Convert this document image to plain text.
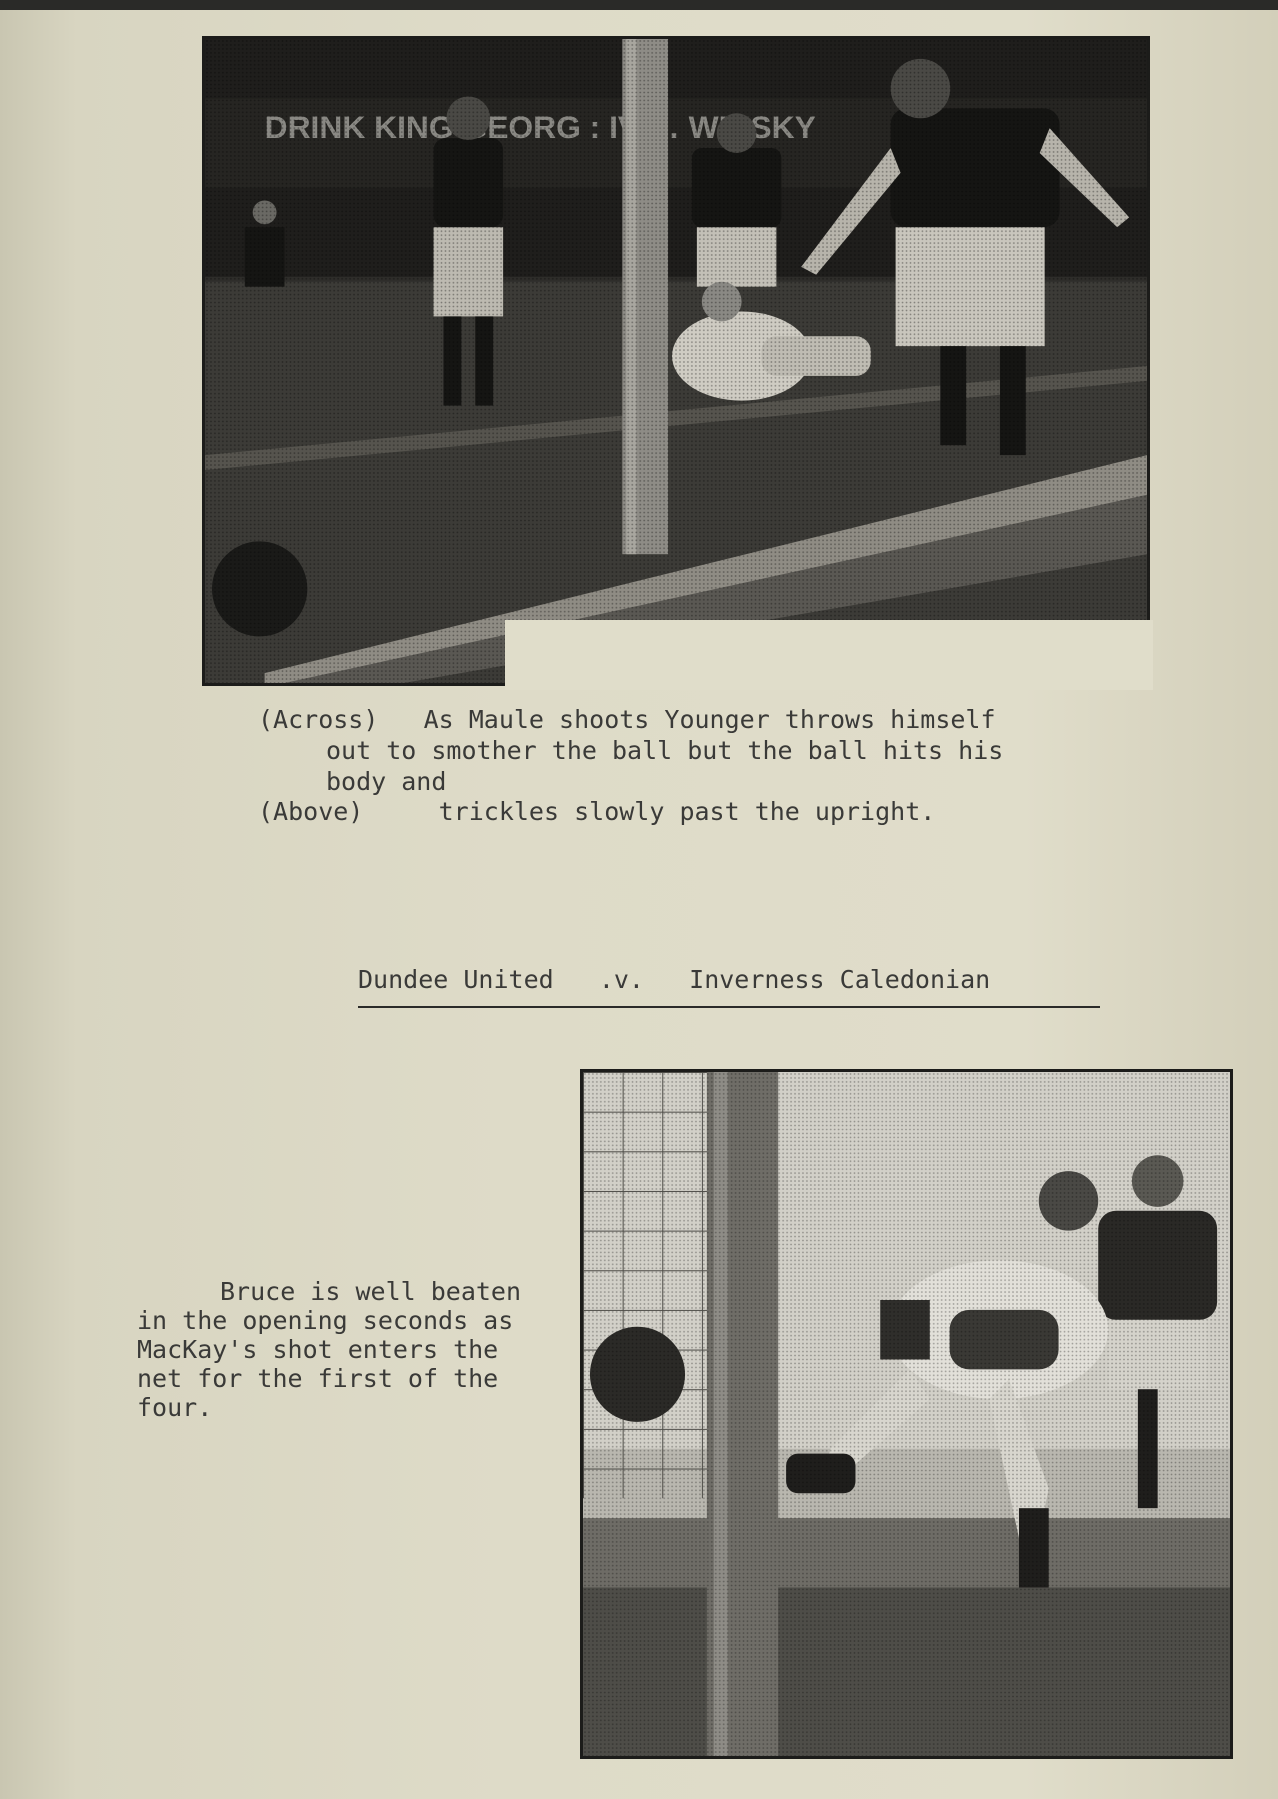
(Across) As Maule shoots Younger throws himself
out to smother the ball but the ball hits his
body and
(Above)	trickles slowly past the upright.
Dundee United .v. Inverness Caledonian
Bruce is well beaten
in the opening seconds as
MacKay's shot enters the
net for the first of the
four.
